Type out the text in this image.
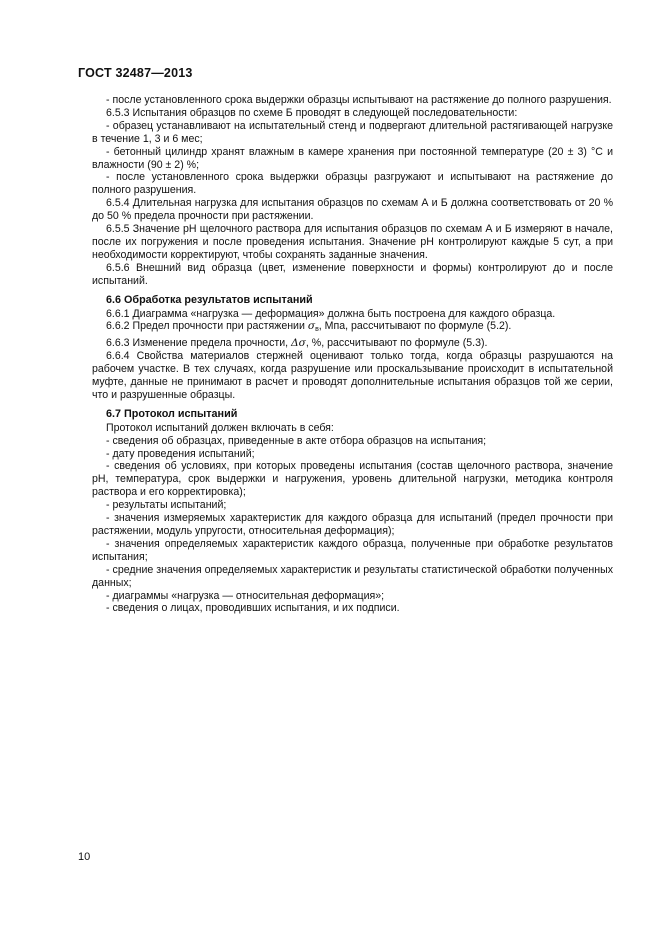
ГОСТ 32487—2013

- после установленного срока выдержки образцы испытывают на растяжение до полного разрушения.

6.5.3 Испытания образцов по схеме Б проводят в следующей последовательности:

- образец устанавливают на испытательный стенд и подвергают длительной растягивающей нагрузке в течение 1, 3 и 6 мес;

- бетонный цилиндр хранят влажным в камере хранения при постоянной температуре (20 ± 3) °С и влажности (90 ± 2) %;

- после установленного срока выдержки образцы разгружают и испытывают на растяжение до полного разрушения.

6.5.4 Длительная нагрузка для испытания образцов по схемам А и Б должна соответствовать от 20 % до 50 % предела прочности при растяжении.

6.5.5 Значение рН щелочного раствора для испытания образцов по схемам А и Б измеряют в начале, после их погружения и после проведения испытания. Значение рН контролируют каждые 5 сут, а при необходимости корректируют, чтобы сохранять заданные значения.

6.5.6 Внешний вид образца (цвет, изменение поверхности и формы) контролируют до и после испытаний.

6.6 Обработка результатов испытаний

6.6.1 Диаграмма «нагрузка — деформация» должна быть построена для каждого образца.

6.6.2 Предел прочности при растяжении $\sigma_в$, Мпа, рассчитывают по формуле (5.2).

6.6.3 Изменение предела прочности, Δσ, %, рассчитывают по формуле (5.3).

6.6.4 Свойства материалов стержней оценивают только тогда, когда образцы разрушаются на рабочем участке. В тех случаях, когда разрушение или проскальзывание происходит в испытательной муфте, данные не принимают в расчет и проводят дополнительные испытания образцов той же серии, что и разрушенные образцы.

6.7 Протокол испытаний

Протокол испытаний должен включать в себя:

- сведения об образцах, приведенные в акте отбора образцов на испытания;

- дату проведения испытаний;

- сведения об условиях, при которых проведены испытания (состав щелочного раствора, значение рН, температура, срок выдержки и нагружения, уровень длительной нагрузки, методика контроля раствора и его корректировка);

- результаты испытаний;

- значения измеряемых характеристик для каждого образца для испытаний (предел прочности при растяжении, модуль упругости, относительная деформация);

- значения определяемых характеристик каждого образца, полученные при обработке результатов испытания;

- средние значения определяемых характеристик и результаты статистической обработки полученных данных;

- диаграммы «нагрузка — относительная деформация»;

- сведения о лицах, проводивших испытания, и их подписи.

10
